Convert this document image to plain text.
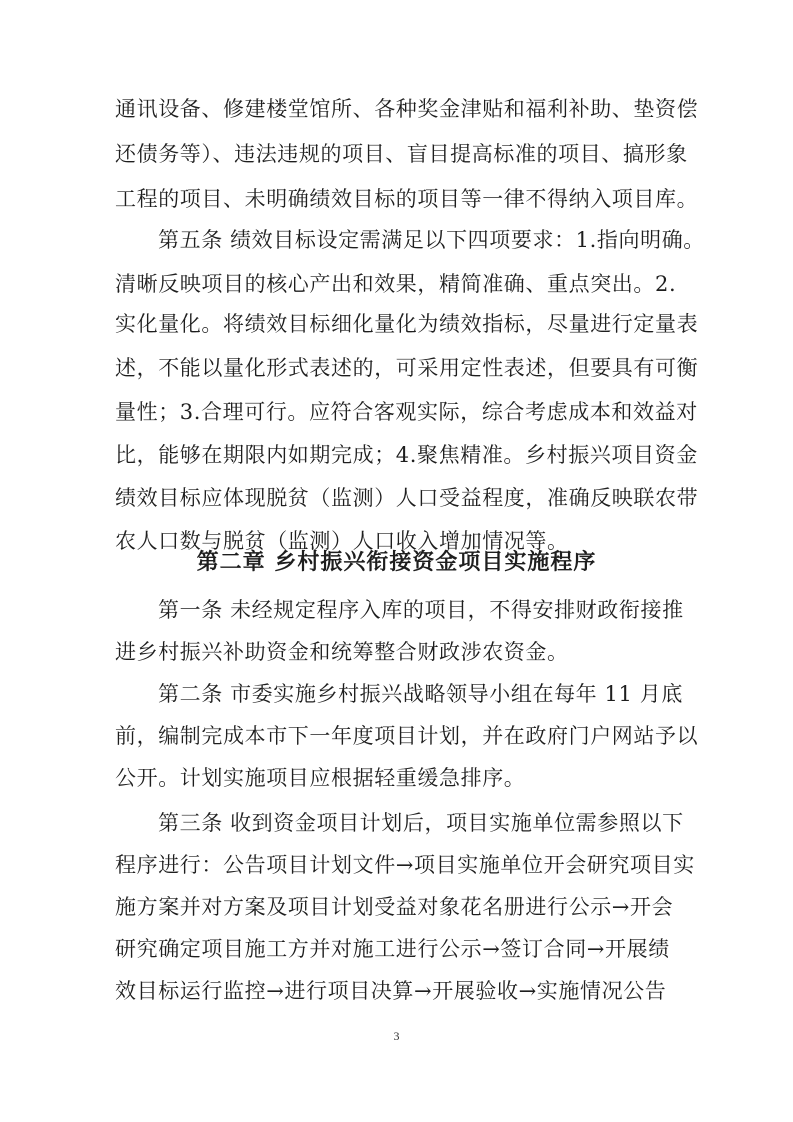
通讯设备、修建楼堂馆所、各种奖金津贴和福利补助、垫资偿
还债务等）、违法违规的项目、盲目提高标准的项目、搞形象
工程的项目、未明确绩效目标的项目等一律不得纳入项目库。
第五条 绩效目标设定需满足以下四项要求：1.指向明确。
清晰反映项目的核心产出和效果，精简准确、重点突出。2.
实化量化。将绩效目标细化量化为绩效指标，尽量进行定量表
述，不能以量化形式表述的，可采用定性表述，但要具有可衡
量性；3.合理可行。应符合客观实际，综合考虑成本和效益对
比，能够在期限内如期完成；4.聚焦精准。乡村振兴项目资金
绩效目标应体现脱贫（监测）人口受益程度，准确反映联农带
农人口数与脱贫（监测）人口收入增加情况等。
第二章 乡村振兴衔接资金项目实施程序
第一条 未经规定程序入库的项目，不得安排财政衔接推
进乡村振兴补助资金和统筹整合财政涉农资金。
第二条 市委实施乡村振兴战略领导小组在每年 11 月底
前，编制完成本市下一年度项目计划，并在政府门户网站予以
公开。计划实施项目应根据轻重缓急排序。
第三条 收到资金项目计划后，项目实施单位需参照以下
程序进行：公告项目计划文件→项目实施单位开会研究项目实
施方案并对方案及项目计划受益对象花名册进行公示→开会
研究确定项目施工方并对施工进行公示→签订合同→开展绩
效目标运行监控→进行项目决算→开展验收→实施情况公告
3
